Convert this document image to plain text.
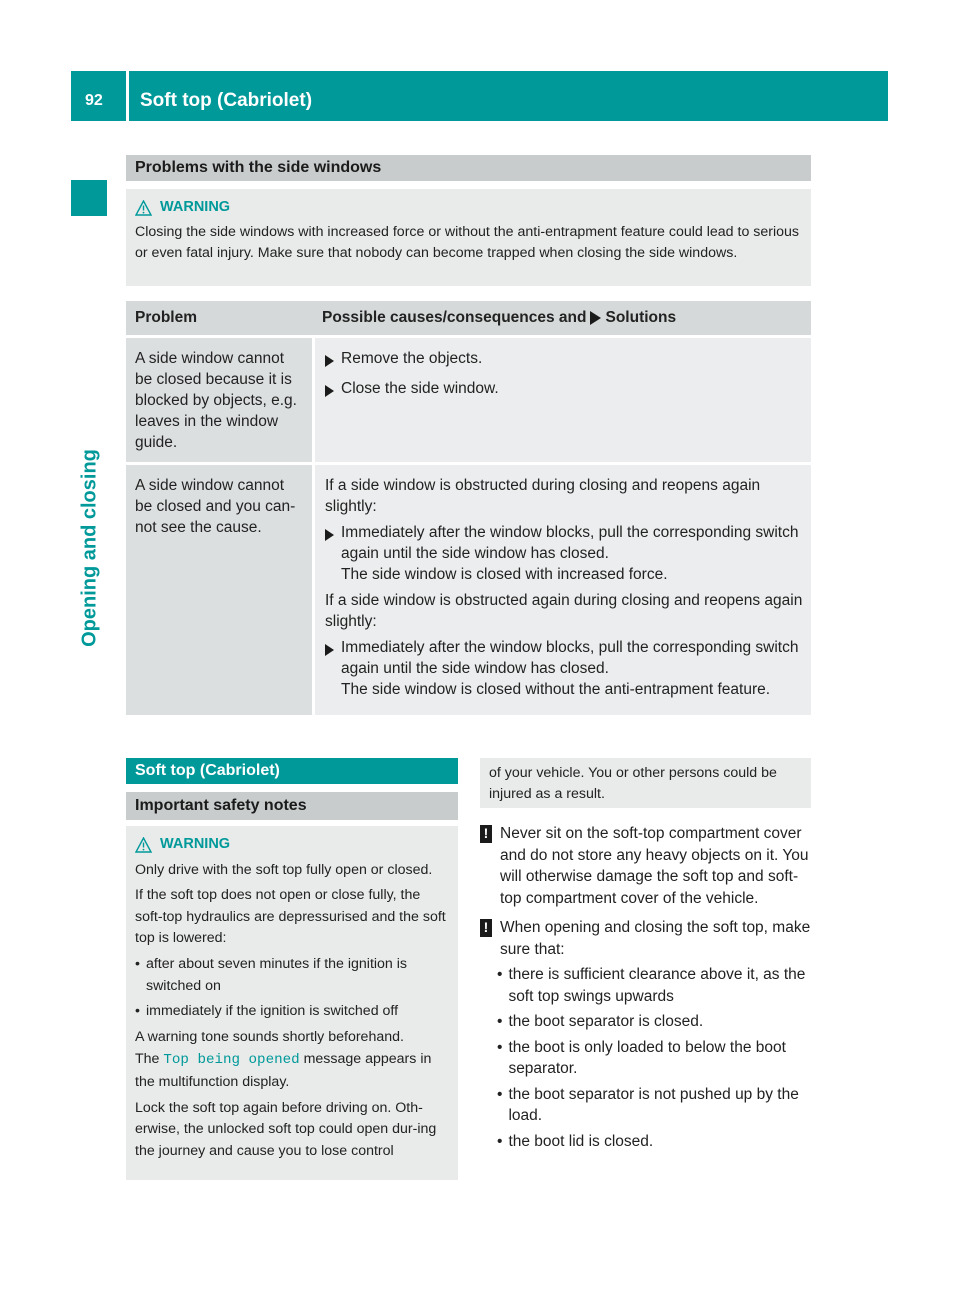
92 Soft top (Cabriolet)
Opening and closing
Problems with the side windows
WARNING
Closing the side windows with increased force or without the anti-entrapment feature could lead to serious or even fatal injury. Make sure that nobody can become trapped when closing the side windows.
Problem	Possible causes/consequences and Solutions
A side window cannot be closed because it is blocked by objects, e.g. leaves in the window guide.
Remove the objects.
Close the side window.
A side window cannot be closed and you can-not see the cause.
If a side window is obstructed during closing and reopens again slightly:
Immediately after the window blocks, pull the corresponding switch again until the side window has closed.
The side window is closed with increased force.
If a side window is obstructed again during closing and reopens again slightly:
Immediately after the window blocks, pull the corresponding switch again until the side window has closed.
The side window is closed without the anti-entrapment feature.
Soft top (Cabriolet)
Important safety notes
WARNING
Only drive with the soft top fully open or closed.
If the soft top does not open or close fully, the soft-top hydraulics are depressurised and the soft top is lowered:
• after about seven minutes if the ignition is switched on
• immediately if the ignition is switched off
A warning tone sounds shortly beforehand.
The Top being opened message appears in the multifunction display.
Lock the soft top again before driving on. Oth-erwise, the unlocked soft top could open dur-ing the journey and cause you to lose control
of your vehicle. You or other persons could be injured as a result.
! Never sit on the soft-top compartment cover and do not store any heavy objects on it. You will otherwise damage the soft top and soft-top compartment cover of the vehicle.
! When opening and closing the soft top, make sure that:
• there is sufficient clearance above it, as the soft top swings upwards
• the boot separator is closed.
• the boot is only loaded to below the boot separator.
• the boot separator is not pushed up by the load.
• the boot lid is closed.
